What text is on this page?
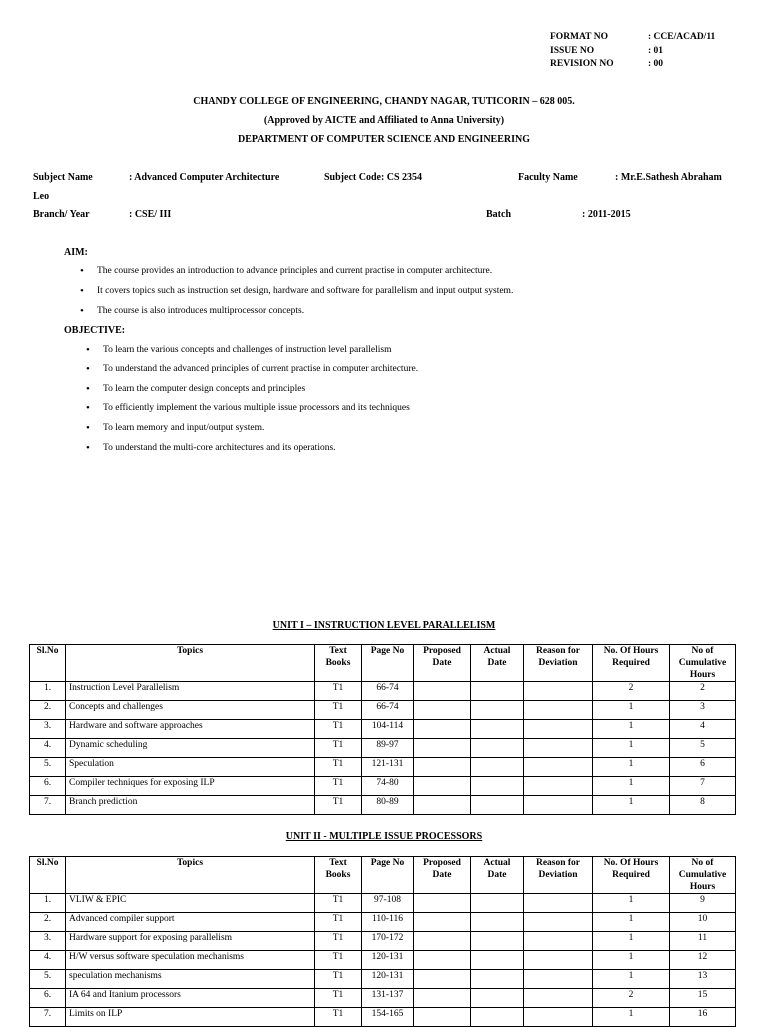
FORMAT NO	: CCE/ACAD/11
ISSUE NO	: 01
REVISION NO	: 00
CHANDY COLLEGE OF ENGINEERING, CHANDY NAGAR, TUTICORIN – 628 005.
(Approved by AICTE and Affiliated to Anna University)
DEPARTMENT OF COMPUTER SCIENCE AND ENGINEERING
Subject Name	: Advanced Computer Architecture	Subject Code: CS 2354	Faculty Name	: Mr.E.Sathesh Abraham
Leo
Branch/ Year	: CSE/ III	Batch	: 2011-2015
AIM:
• The course provides an introduction to advance principles and current practise in computer architecture.
• It covers topics such as instruction set design, hardware and software for parallelism and input output system.
• The course is also introduces multiprocessor concepts.
OBJECTIVE:
• To learn the various concepts and challenges of instruction level parallelism
• To understand the advanced principles of current practise in computer architecture.
• To learn the computer design concepts and principles
• To efficiently implement the various multiple issue processors and its techniques
• To learn memory and input/output system.
• To understand the multi-core architectures and its operations.
UNIT I – INSTRUCTION LEVEL PARALLELISM
Sl.No	Topics	Text Books	Page No	Proposed Date	Actual Date	Reason for Deviation	No. Of Hours Required	No of Cumulative Hours
1.	Instruction Level Parallelism	T1	66-74				2	2
2.	Concepts and challenges	T1	66-74				1	3
3.	Hardware and software approaches	T1	104-114				1	4
4.	Dynamic scheduling	T1	89-97				1	5
5.	Speculation	T1	121-131				1	6
6.	Compiler techniques for exposing ILP	T1	74-80				1	7
7.	Branch prediction	T1	80-89				1	8
UNIT II - MULTIPLE ISSUE PROCESSORS
Sl.No	Topics	Text Books	Page No	Proposed Date	Actual Date	Reason for Deviation	No. Of Hours Required	No of Cumulative Hours
1.	VLIW & EPIC	T1	97-108				1	9
2.	Advanced compiler support	T1	110-116				1	10
3.	Hardware support for exposing parallelism	T1	170-172				1	11
4.	H/W versus software speculation mechanisms	T1	120-131				1	12
5.	speculation mechanisms	T1	120-131				1	13
6.	IA 64 and Itanium processors	T1	131-137				2	15
7.	Limits on ILP	T1	154-165				1	16
